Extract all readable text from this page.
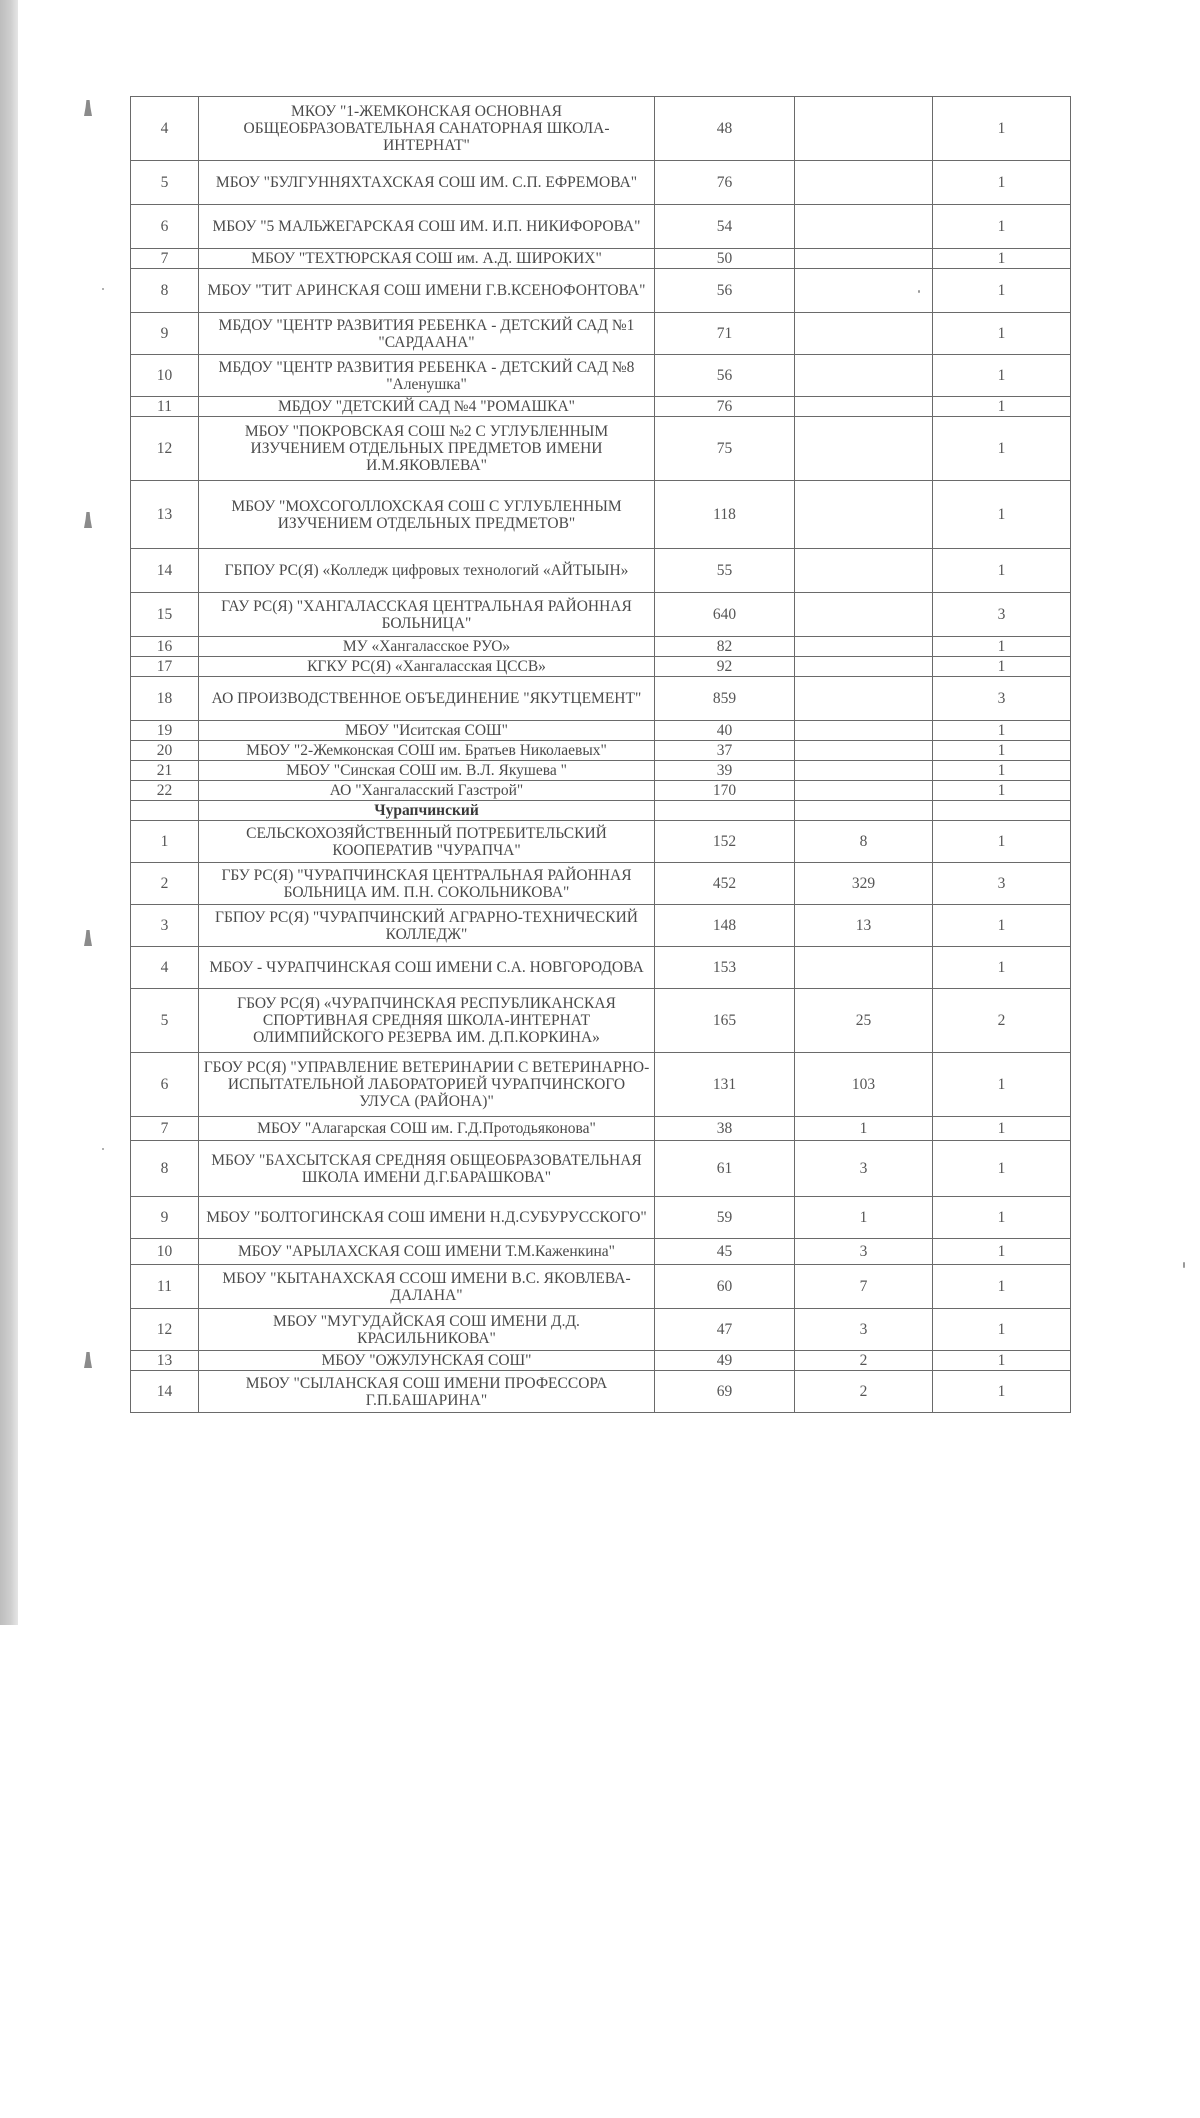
4	МКОУ "1-ЖЕМКОНСКАЯ ОСНОВНАЯ ОБЩЕОБРАЗОВАТЕЛЬНАЯ САНАТОРНАЯ ШКОЛА-ИНТЕРНАТ"	48		1
5	МБОУ "БУЛГУННЯХТАХСКАЯ СОШ ИМ. С.П. ЕФРЕМОВА"	76		1
6	МБОУ "5 МАЛЬЖЕГАРСКАЯ СОШ ИМ. И.П. НИКИФОРОВА"	54		1
7	МБОУ "ТЕХТЮРСКАЯ СОШ им. А.Д. ШИРОКИХ"	50		1
8	МБОУ "ТИТ АРИНСКАЯ СОШ ИМЕНИ Г.В.КСЕНОФОНТОВА"	56		1
9	МБДОУ "ЦЕНТР РАЗВИТИЯ РЕБЕНКА - ДЕТСКИЙ САД №1 "САРДААНА"	71		1
10	МБДОУ "ЦЕНТР РАЗВИТИЯ РЕБЕНКА - ДЕТСКИЙ САД №8 "Аленушка"	56		1
11	МБДОУ "ДЕТСКИЙ САД №4 "РОМАШКА"	76		1
12	МБОУ "ПОКРОВСКАЯ СОШ №2 С УГЛУБЛЕННЫМ ИЗУЧЕНИЕМ ОТДЕЛЬНЫХ ПРЕДМЕТОВ ИМЕНИ И.М.ЯКОВЛЕВА"	75		1
13	МБОУ "МОХСОГОЛЛОХСКАЯ СОШ С УГЛУБЛЕННЫМ ИЗУЧЕНИЕМ ОТДЕЛЬНЫХ ПРЕДМЕТОВ"	118		1
14	ГБПОУ РС(Я) «Колледж цифровых технологий «АЙТЫЫН»	55		1
15	ГАУ РС(Я) "ХАНГАЛАССКАЯ ЦЕНТРАЛЬНАЯ РАЙОННАЯ БОЛЬНИЦА"	640		3
16	МУ «Хангаласское РУО»	82		1
17	КГКУ РС(Я) «Хангаласская ЦССВ»	92		1
18	АО ПРОИЗВОДСТВЕННОЕ ОБЪЕДИНЕНИЕ "ЯКУТЦЕМЕНТ"	859		3
19	МБОУ "Иситская СОШ"	40		1
20	МБОУ "2-Жемконская СОШ им. Братьев Николаевых"	37		1
21	МБОУ "Синская СОШ им. В.Л. Якушева "	39		1
22	АО "Хангаласский Газстрой"	170		1
	Чурапчинский			
1	СЕЛЬСКОХОЗЯЙСТВЕННЫЙ ПОТРЕБИТЕЛЬСКИЙ КООПЕРАТИВ "ЧУРАПЧА"	152	8	1
2	ГБУ РС(Я) "ЧУРАПЧИНСКАЯ ЦЕНТРАЛЬНАЯ РАЙОННАЯ БОЛЬНИЦА ИМ. П.Н. СОКОЛЬНИКОВА"	452	329	3
3	ГБПОУ РС(Я) "ЧУРАПЧИНСКИЙ АГРАРНО-ТЕХНИЧЕСКИЙ КОЛЛЕДЖ"	148	13	1
4	МБОУ - ЧУРАПЧИНСКАЯ СОШ ИМЕНИ С.А. НОВГОРОДОВА	153		1
5	ГБОУ РС(Я) «ЧУРАПЧИНСКАЯ РЕСПУБЛИКАНСКАЯ СПОРТИВНАЯ СРЕДНЯЯ ШКОЛА-ИНТЕРНАТ ОЛИМПИЙСКОГО РЕЗЕРВА ИМ. Д.П.КОРКИНА»	165	25	2
6	ГБОУ РС(Я) "УПРАВЛЕНИЕ ВЕТЕРИНАРИИ С ВЕТЕРИНАРНО-ИСПЫТАТЕЛЬНОЙ ЛАБОРАТОРИЕЙ ЧУРАПЧИНСКОГО УЛУСА (РАЙОНА)"	131	103	1
7	МБОУ "Алагарская СОШ им. Г.Д.Протодьяконова"	38	1	1
8	МБОУ "БАХСЫТСКАЯ СРЕДНЯЯ ОБЩЕОБРАЗОВАТЕЛЬНАЯ ШКОЛА ИМЕНИ Д.Г.БАРАШКОВА"	61	3	1
9	МБОУ "БОЛТОГИНСКАЯ СОШ ИМЕНИ Н.Д.СУБУРУССКОГО"	59	1	1
10	МБОУ "АРЫЛАХСКАЯ СОШ ИМЕНИ Т.М.Каженкина"	45	3	1
11	МБОУ "КЫТАНАХСКАЯ ССОШ ИМЕНИ В.С. ЯКОВЛЕВА-ДАЛАНА"	60	7	1
12	МБОУ "МУГУДАЙСКАЯ СОШ ИМЕНИ Д.Д. КРАСИЛЬНИКОВА"	47	3	1
13	МБОУ "ОЖУЛУНСКАЯ СОШ"	49	2	1
14	МБОУ "СЫЛАНСКАЯ СОШ ИМЕНИ ПРОФЕССОРА Г.П.БАШАРИНА"	69	2	1
